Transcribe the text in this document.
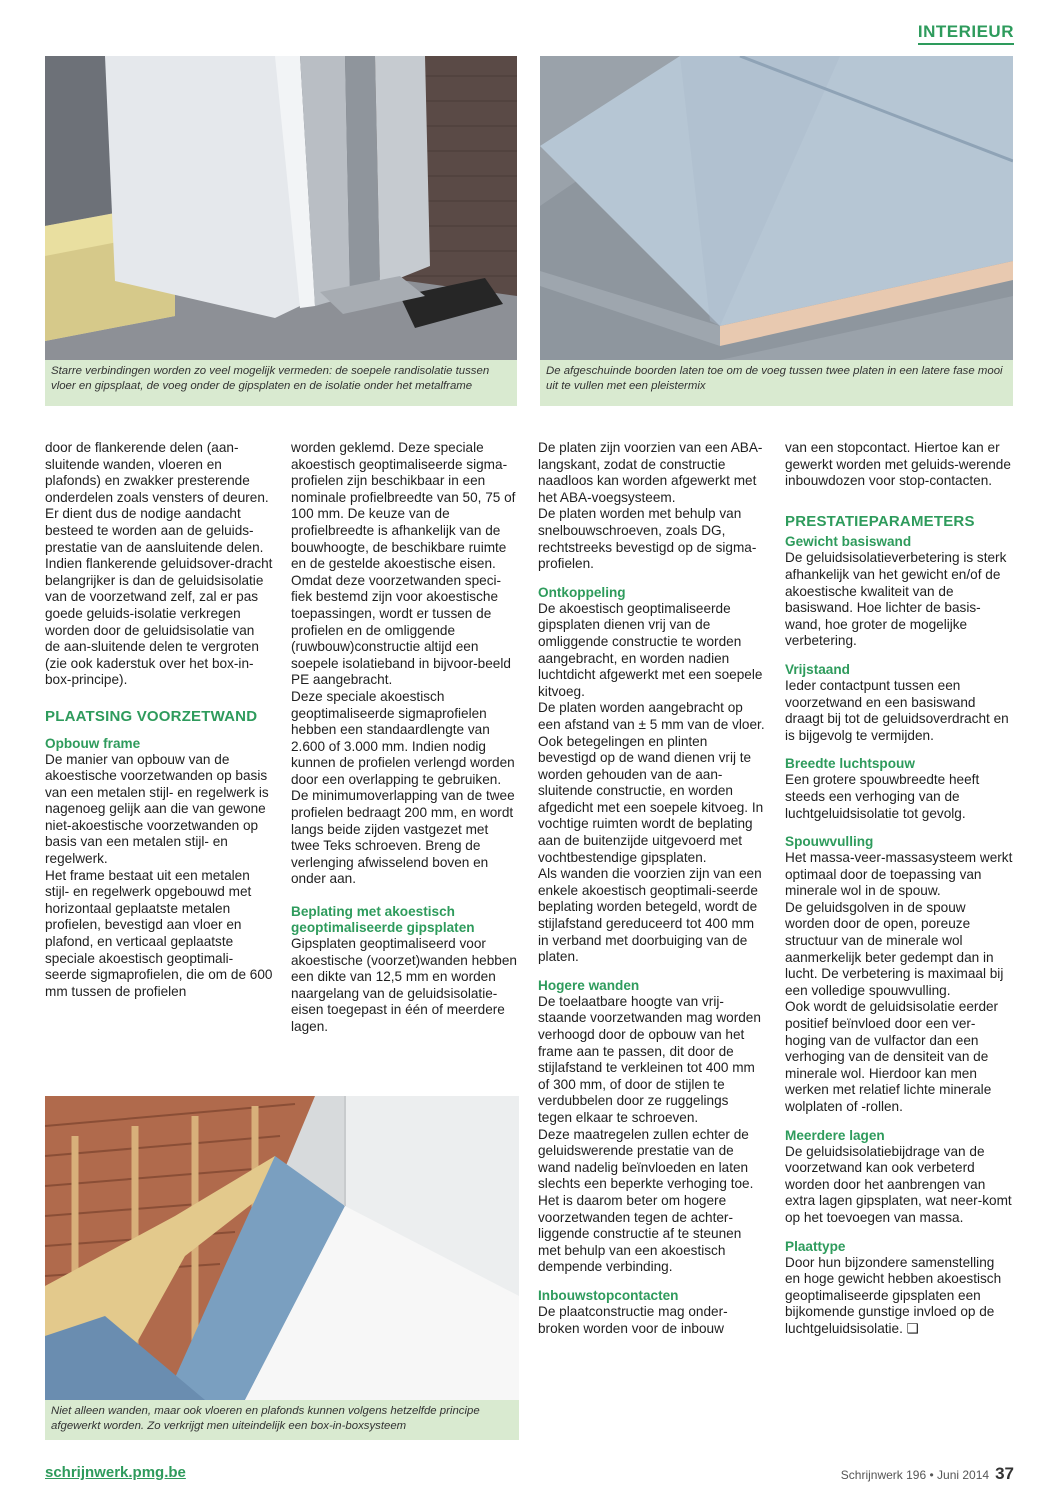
INTERIEUR
Starre verbindingen worden zo veel mogelijk vermeden: de soepele randisolatie tussen vloer en gipsplaat, de voeg onder de gipsplaten en de isolatie onder het metalframe
De afgeschuinde boorden laten toe om de voeg tussen twee platen in een latere fase mooi uit te vullen met een pleistermix

door de flankerende delen (aan-sluitende wanden, vloeren en plafonds) en zwakker presterende onderdelen zoals vensters of deuren.

Er dient dus de nodige aandacht besteed te worden aan de geluids-prestatie van de aansluitende delen. Indien flankerende geluidsover-dracht belangrijker is dan de geluidsisolatie van de voorzetwand zelf, zal er pas goede geluids-isolatie verkregen worden door de geluidsisolatie van de aan-sluitende delen te vergroten (zie ook kaderstuk over het box-in-box-principe).

PLAATSING VOORZETWAND
Opbouw frame

De manier van opbouw van de akoestische voorzetwanden op basis van een metalen stijl- en regelwerk is nagenoeg gelijk aan die van gewone niet-akoestische voorzetwanden op basis van een metalen stijl- en regelwerk.

Het frame bestaat uit een metalen stijl- en regelwerk opgebouwd met horizontaal geplaatste metalen profielen, bevestigd aan vloer en plafond, en verticaal geplaatste speciale akoestisch geoptimali-seerde sigmaprofielen, die om de 600 mm tussen de profielen

worden geklemd. Deze speciale akoestisch geoptimaliseerde sigma-profielen zijn beschikbaar in een nominale profielbreedte van 50, 75 of 100 mm. De keuze van de profielbreedte is afhankelijk van de bouwhoogte, de beschikbare ruimte en de gestelde akoestische eisen.

Omdat deze voorzetwanden speci-fiek bestemd zijn voor akoestische toepassingen, wordt er tussen de profielen en de omliggende (ruwbouw)constructie altijd een soepele isolatieband in bijvoor-beeld PE aangebracht.

Deze speciale akoestisch geoptimaliseerde sigmaprofielen hebben een standaardlengte van 2.600 of 3.000 mm. Indien nodig kunnen de profielen verlengd worden door een overlapping te gebruiken. De minimumoverlapping van de twee profielen bedraagt 200 mm, en wordt langs beide zijden vastgezet met twee Teks schroeven. Breng de verlenging afwisselend boven en onder aan.

Beplating met akoestisch geoptimaliseerde gipsplaten

Gipsplaten geoptimaliseerd voor akoestische (voorzet)wanden hebben een dikte van 12,5 mm en worden naargelang van de geluidsisolatie-eisen toegepast in één of meerdere lagen.

De platen zijn voorzien van een ABA-langskant, zodat de constructie naadloos kan worden afgewerkt met het ABA-voegsysteem.

De platen worden met behulp van snelbouwschroeven, zoals DG, rechtstreeks bevestigd op de sigma-profielen.

Ontkoppeling

De akoestisch geoptimaliseerde gipsplaten dienen vrij van de omliggende constructie te worden aangebracht, en worden nadien luchtdicht afgewerkt met een soepele kitvoeg.

De platen worden aangebracht op een afstand van ± 5 mm van de vloer. Ook betegelingen en plinten bevestigd op de wand dienen vrij te worden gehouden van de aan-sluitende constructie, en worden afgedicht met een soepele kitvoeg. In vochtige ruimten wordt de beplating aan de buitenzijde uitgevoerd met vochtbestendige gipsplaten.

Als wanden die voorzien zijn van een enkele akoestisch geoptimali-seerde beplating worden betegeld, wordt de stijlafstand gereduceerd tot 400 mm in verband met doorbuiging van de platen.

Hogere wanden

De toelaatbare hoogte van vrij-staande voorzetwanden mag worden verhoogd door de opbouw van het frame aan te passen, dit door de stijlafstand te verkleinen tot 400 mm of 300 mm, of door de stijlen te verdubbelen door ze ruggelings tegen elkaar te schroeven.

Deze maatregelen zullen echter de geluidswerende prestatie van de wand nadelig beïnvloeden en laten slechts een beperkte verhoging toe. Het is daarom beter om hogere voorzetwanden tegen de achter-liggende constructie af te steunen met behulp van een akoestisch dempende verbinding.

Inbouwstopcontacten

De plaatconstructie mag onder-broken worden voor de inbouw

van een stopcontact. Hiertoe kan er gewerkt worden met geluids-werende inbouwdozen voor stop-contacten.

PRESTATIEPARAMETERS
Gewicht basiswand

De geluidsisolatieverbetering is sterk afhankelijk van het gewicht en/of de akoestische kwaliteit van de basiswand. Hoe lichter de basis-wand, hoe groter de mogelijke verbetering.

Vrijstaand

Ieder contactpunt tussen een voorzetwand en een basiswand draagt bij tot de geluidsoverdracht en is bijgevolg te vermijden.

Breedte luchtspouw

Een grotere spouwbreedte heeft steeds een verhoging van de luchtgeluidsisolatie tot gevolg.

Spouwvulling

Het massa-veer-massasysteem werkt optimaal door de toepassing van minerale wol in de spouw.

De geluidsgolven in de spouw worden door de open, poreuze structuur van de minerale wol aanmerkelijk beter gedempt dan in lucht. De verbetering is maximaal bij een volledige spouwvulling.

Ook wordt de geluidsisolatie eerder positief beïnvloed door een ver-hoging van de vulfactor dan een verhoging van de densiteit van de minerale wol. Hierdoor kan men werken met relatief lichte minerale wolplaten of -rollen.

Meerdere lagen

De geluidsisolatiebijdrage van de voorzetwand kan ook verbeterd worden door het aanbrengen van extra lagen gipsplaten, wat neer-komt op het toevoegen van massa.

Plaattype

Door hun bijzondere samenstelling en hoge gewicht hebben akoestisch geoptimaliseerde gipsplaten een bijkomende gunstige invloed op de luchtgeluidsisolatie. ❑

Niet alleen wanden, maar ook vloeren en plafonds kunnen volgens hetzelfde principe afgewerkt worden. Zo verkrijgt men uiteindelijk een box-in-boxsysteem
schrijnwerk.pmg.be	Schrijnwerk 196 • Juni 2014 37
